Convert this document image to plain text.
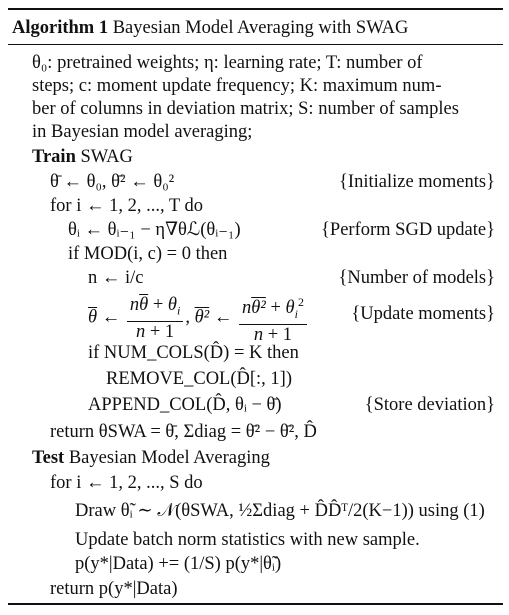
Algorithm 1 Bayesian Model Averaging with SWAG
θ₀: pretrained weights; η: learning rate; T: number of
steps; c: moment update frequency; K: maximum num-
ber of columns in deviation matrix; S: number of samples
in Bayesian model averaging;
Train SWAG
θ̄ ← θ₀, θ̄² ← θ₀²	{Initialize moments}
for i ← 1, 2, ..., T do
θᵢ ← θᵢ₋₁ − η∇θℒ(θᵢ₋₁)	{Perform SGD update}
if MOD(i, c) = 0 then
n ← i/c	{Number of models}
$\overline{\theta}$ ← $\frac{n\overline{\theta} + \theta_i}{n + 1}$ , θ² ← $\frac{n\theta^2 + \theta_i^2}{n + 1}$ {Update moments}
if NUM_COLS(D̂) = K then
REMOVE_COL(D̂[:, 1])
APPEND_COL(D̂, θᵢ − θ̄)	{Store deviation}
return θSWA = θ̄, Σdiag = θ̄² − θ̄², D̂
Test Bayesian Model Averaging
for i ← 1, 2, ..., S do
Draw θ̃ᵢ ∼ 𝒩(θSWA, ½Σdiag + D̂D̂ᵀ/2(K−1)) using (1)
Update batch norm statistics with new sample.
p(y*|Data) += (1/S) p(y*|θ̃ᵢ)
return p(y*|Data)
